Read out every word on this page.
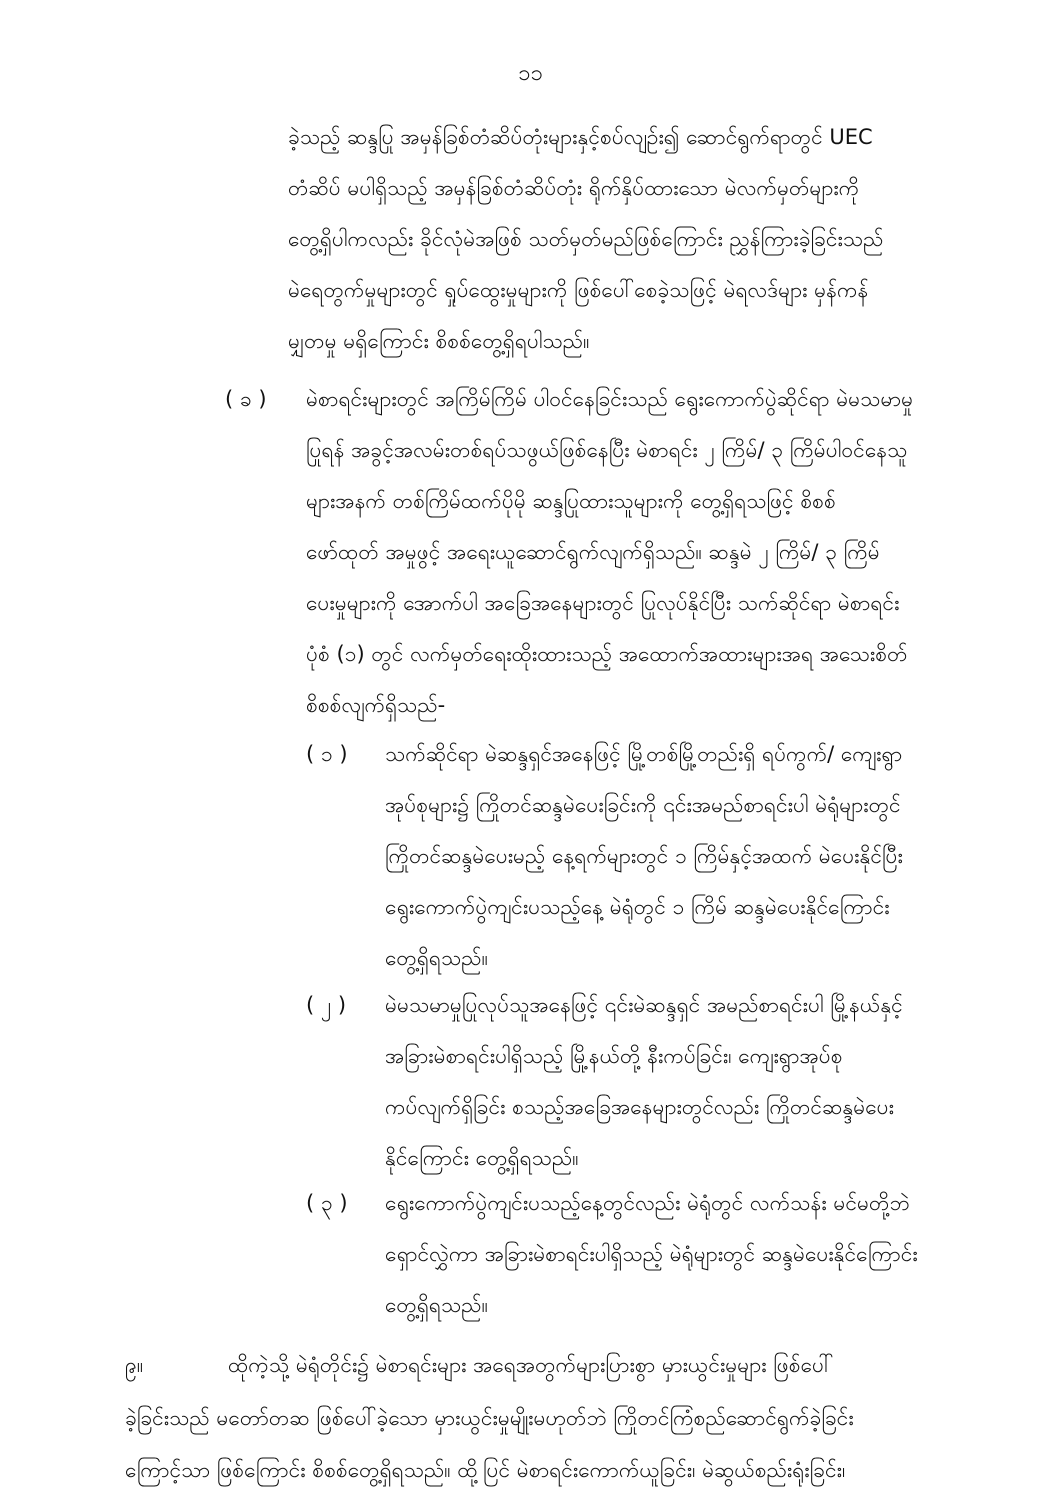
၁၁
ခဲ့သည့် ဆန္ဒပြု အမှန်ခြစ်တံဆိပ်တုံးများနှင့်စပ်လျဥ်း၍ ဆောင်ရွက်ရာတွင် UEC
တံဆိပ် မပါရှိသည့် အမှန်ခြစ်တံဆိပ်တုံး ရိုက်နှိပ်ထားသော မဲလက်မှတ်များကို
တွေ့ရှိပါကလည်း ခိုင်လုံမဲအဖြစ် သတ်မှတ်မည်ဖြစ်ကြောင်း ညွှန်ကြားခဲ့ခြင်းသည်
မဲရေတွက်မှုများတွင် ရှုပ်ထွေးမှုများကို ဖြစ်ပေါ်စေခဲ့သဖြင့် မဲရလဒ်များ မှန်ကန်
မျှတမှု မရှိကြောင်း စိစစ်တွေ့ရှိရပါသည်။
( ခ ) မဲစာရင်းများတွင် အကြိမ်ကြိမ် ပါဝင်နေခြင်းသည် ရွေးကောက်ပွဲဆိုင်ရာ မဲမသမာမှု
ပြုရန် အခွင့်အလမ်းတစ်ရပ်သဖွယ်ဖြစ်နေပြီး မဲစာရင်း ၂ ကြိမ်/ ၃ ကြိမ်ပါဝင်နေသူ
များအနက် တစ်ကြိမ်ထက်ပိုမို ဆန္ဒပြုထားသူများကို တွေ့ရှိရသဖြင့် စိစစ်
ဖော်ထုတ် အမှုဖွင့် အရေးယူဆောင်ရွက်လျက်ရှိသည်။ ဆန္ဒမဲ ၂ ကြိမ်/ ၃ ကြိမ်
ပေးမှုများကို အောက်ပါ အခြေအနေများတွင် ပြုလုပ်နိုင်ပြီး သက်ဆိုင်ရာ မဲစာရင်း
ပုံစံ (၁) တွင် လက်မှတ်ရေးထိုးထားသည့် အထောက်အထားများအရ အသေးစိတ်
စိစစ်လျက်ရှိသည်-
( ၁ ) သက်ဆိုင်ရာ မဲဆန္ဒရှင်အနေဖြင့် မြို့တစ်မြို့တည်းရှိ ရပ်ကွက်/ ကျေးရွာ
အုပ်စုများ၌ ကြိုတင်ဆန္ဒမဲပေးခြင်းကို ၎င်းအမည်စာရင်းပါ မဲရုံများတွင်
ကြိုတင်ဆန္ဒမဲပေးမည့် နေ့ရက်များတွင် ၁ ကြိမ်နှင့်အထက် မဲပေးနိုင်ပြီး
ရွေးကောက်ပွဲကျင်းပသည့်နေ့ မဲရုံတွင် ၁ ကြိမ် ဆန္ဒမဲပေးနိုင်ကြောင်း
တွေ့ရှိရသည်။
( ၂ ) မဲမသမာမှုပြုလုပ်သူအနေဖြင့် ၎င်းမဲဆန္ဒရှင် အမည်စာရင်းပါ မြို့နယ်နှင့်
အခြားမဲစာရင်းပါရှိသည့် မြို့နယ်တို့ နီးကပ်ခြင်း၊ ကျေးရွာအုပ်စု
ကပ်လျက်ရှိခြင်း စသည့်အခြေအနေများတွင်လည်း ကြိုတင်ဆန္ဒမဲပေး
နိုင်ကြောင်း တွေ့ရှိရသည်။
( ၃ ) ရွေးကောက်ပွဲကျင်းပသည့်နေ့တွင်လည်း မဲရုံတွင် လက်သန်း မင်မတို့ဘဲ
ရှောင်လွှဲကာ အခြားမဲစာရင်းပါရှိသည့် မဲရုံများတွင် ဆန္ဒမဲပေးနိုင်ကြောင်း
တွေ့ရှိရသည်။
၉။	ထိုကဲ့သို့ မဲရုံတိုင်း၌ မဲစာရင်းများ အရေအတွက်များပြားစွာ မှားယွင်းမှုများ ဖြစ်ပေါ်
ခဲ့ခြင်းသည် မတော်တဆ ဖြစ်ပေါ်ခဲ့သော မှားယွင်းမှုမျိုးမဟုတ်ဘဲ ကြိုတင်ကြံစည်ဆောင်ရွက်ခဲ့ခြင်း
ကြောင့်သာ ဖြစ်ကြောင်း စိစစ်တွေ့ရှိရသည်။ ထို့ပြင် မဲစာရင်းကောက်ယူခြင်း၊ မဲဆွယ်စည်းရုံးခြင်း၊
